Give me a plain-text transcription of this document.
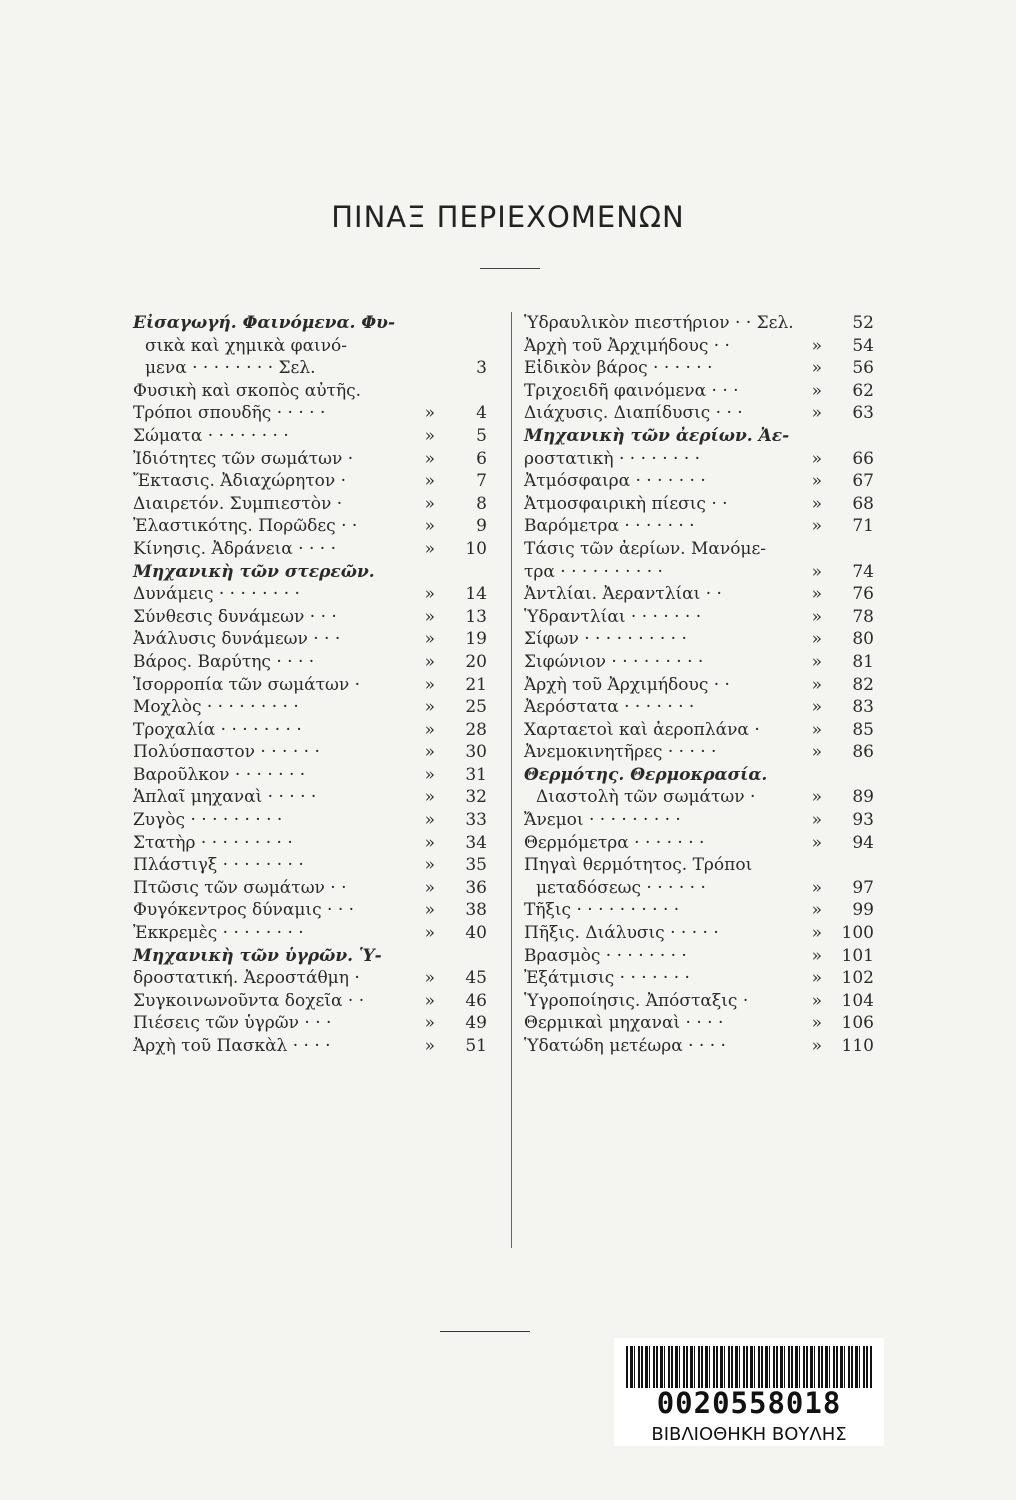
ΠΙΝΑΞ ΠΕΡΙΕΧΟΜΕΝΩΝ
Εἰσαγωγή. Φαινόμενα. Φυ-
σικὰ καὶ χημικὰ φαινό-
μενα · · · · · · · · Σελ.	3
Φυσικὴ καὶ σκοπὸς αὐτῆς.
Τρόποι σπουδῆς · · · · ·	»	4
Σώματα · · · · · · · ·	»	5
Ἰδιότητες τῶν σωμάτων ·	»	6
Ἔκτασις. Ἀδιαχώρητον ·	»	7
Διαιρετόν. Συμπιεστὸν ·	»	8
Ἐλαστικότης. Πορῶδες · ·	»	9
Κίνησις. Ἀδράνεια · · · ·	»	10
Μηχανικὴ τῶν στερεῶν.
Δυνάμεις · · · · · · · ·	»	14
Σύνθεσις δυνάμεων · · ·	»	13
Ἀνάλυσις δυνάμεων · · ·	»	19
Βάρος. Βαρύτης · · · ·	»	20
Ἰσορροπία τῶν σωμάτων ·	»	21
Μοχλὸς · · · · · · · · ·	»	25
Τροχαλία · · · · · · · ·	»	28
Πολύσπαστον · · · · · ·	»	30
Βαροῦλκον · · · · · · ·	»	31
Ἁπλαῖ μηχαναὶ · · · · ·	»	32
Ζυγὸς · · · · · · · · ·	»	33
Στατὴρ · · · · · · · · ·	»	34
Πλάστιγξ · · · · · · · ·	»	35
Πτῶσις τῶν σωμάτων · ·	»	36
Φυγόκεντρος δύναμις · · ·	»	38
Ἐκκρεμὲς · · · · · · · ·	»	40
Μηχανικὴ τῶν ὑγρῶν. Ὑ-
δροστατική. Ἀεροστάθμη ·	»	45
Συγκοινωνοῦντα δοχεῖα · ·	»	46
Πιέσεις τῶν ὑγρῶν · · ·	»	49
Ἀρχὴ τοῦ Πασκὰλ · · · ·	»	51
Ὑδραυλικὸν πιεστήριον · · Σελ.	52
Ἀρχὴ τοῦ Ἀρχιμήδους · ·	»	54
Εἰδικὸν βάρος · · · · · ·	»	56
Τριχοειδῆ φαινόμενα · · ·	»	62
Διάχυσις. Διαπίδυσις · · ·	»	63
Μηχανικὴ τῶν ἀερίων. Ἀε-
ροστατικὴ · · · · · · · ·	»	66
Ἀτμόσφαιρα · · · · · · ·	»	67
Ἀτμοσφαιρικὴ πίεσις · ·	»	68
Βαρόμετρα · · · · · · ·	»	71
Τάσις τῶν ἀερίων. Μανόμε-
τρα · · · · · · · · · ·	»	74
Ἀντλίαι. Ἀεραντλίαι · ·	»	76
Ὑδραντλίαι · · · · · · ·	»	78
Σίφων · · · · · · · · · ·	»	80
Σιφώνιον · · · · · · · · ·	»	81
Ἀρχὴ τοῦ Ἀρχιμήδους · ·	»	82
Ἀερόστατα · · · · · · ·	»	83
Χαρταετοὶ καὶ ἀεροπλάνα ·	»	85
Ἀνεμοκινητῆρες · · · · ·	»	86
Θερμότης. Θερμοκρασία.
Διαστολὴ τῶν σωμάτων ·	»	89
Ἄνεμοι · · · · · · · · ·	»	93
Θερμόμετρα · · · · · · ·	»	94
Πηγαὶ θερμότητος. Τρόποι
μεταδόσεως · · · · · ·	»	97
Τῆξις · · · · · · · · · ·	»	99
Πῆξις. Διάλυσις · · · · ·	»	100
Βρασμὸς · · · · · · · ·	»	101
Ἐξάτμισις · · · · · · ·	»	102
Ὑγροποίησις. Ἀπόσταξις ·	»	104
Θερμικαὶ μηχαναὶ · · · ·	»	106
Ὑδατώδη μετέωρα · · · ·	»	110
0020558018
ΒΙΒΛΙΟΘΗΚΗ ΒΟΥΛΗΣ
